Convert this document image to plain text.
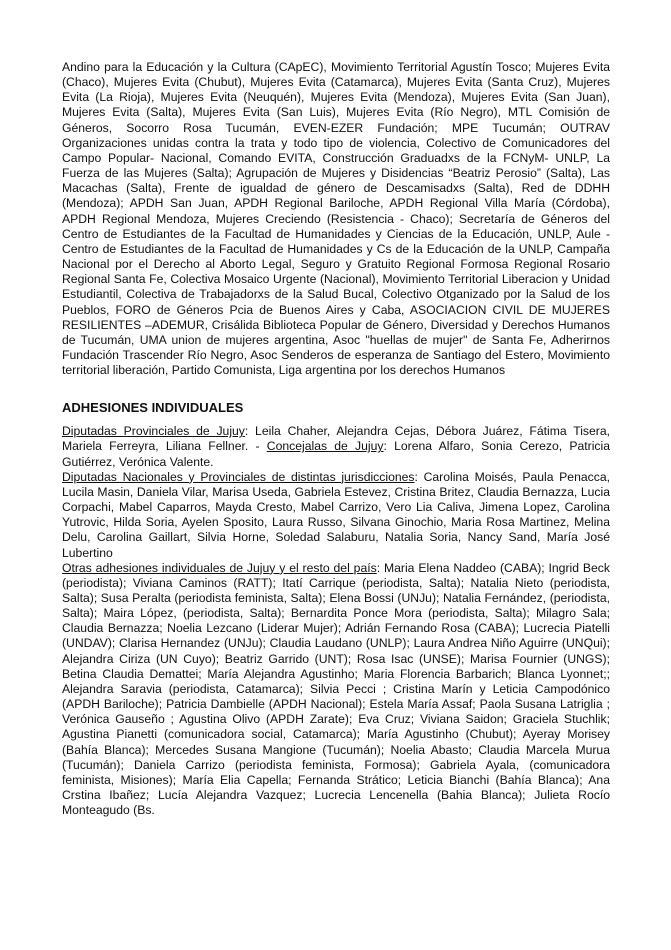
Andino para la Educación y la Cultura (CApEC), Movimiento Territorial Agustín Tosco; Mujeres Evita (Chaco), Mujeres Evita (Chubut), Mujeres Evita (Catamarca), Mujeres Evita (Santa Cruz), Mujeres Evita (La Rioja), Mujeres Evita (Neuquén), Mujeres Evita (Mendoza), Mujeres Evita (San Juan), Mujeres Evita (Salta), Mujeres Evita (San Luis), Mujeres Evita (Río Negro), MTL Comisión de Géneros, Socorro Rosa Tucumán, EVEN-EZER Fundación; MPE Tucumán; OUTRAV Organizaciones unidas contra la trata y todo tipo de violencia, Colectivo de Comunicadores del Campo Popular- Nacional, Comando EVITA, Construcción Graduadxs de la FCNyM- UNLP, La Fuerza de las Mujeres (Salta); Agrupación de Mujeres y Disidencias “Beatriz Perosio” (Salta), Las Macachas (Salta), Frente de igualdad de género de Descamisadxs (Salta), Red de DDHH (Mendoza); APDH San Juan, APDH Regional Bariloche, APDH Regional Villa María (Córdoba), APDH Regional Mendoza, Mujeres Creciendo (Resistencia - Chaco); Secretaría de Géneros del Centro de Estudiantes de la Facultad de Humanidades y Ciencias de la Educación, UNLP, Aule - Centro de Estudiantes de la Facultad de Humanidades y Cs de la Educación de la UNLP, Campaña Nacional por el Derecho al Aborto Legal, Seguro y Gratuito Regional Formosa Regional Rosario Regional Santa Fe, Colectiva Mosaico Urgente (Nacional), Movimiento Territorial Liberacion y Unidad Estudiantil, Colectiva de Trabajadorxs de la Salud Bucal, Colectivo Otganizado por la Salud de los Pueblos, FORO de Géneros Pcia de Buenos Aires y Caba, ASOCIACION CIVIL DE MUJERES RESILIENTES –ADEMUR, Crisálida Biblioteca Popular de Género, Diversidad y Derechos Humanos de Tucumán, UMA union de mujeres argentina, Asoc "huellas de mujer" de Santa Fe, Adherirnos Fundación Trascender Río Negro, Asoc Senderos de esperanza de Santiago del Estero, Movimiento territorial liberación, Partido Comunista, Liga argentina por los derechos Humanos

ADHESIONES INDIVIDUALES

Diputadas Provinciales de Jujuy: Leila Chaher, Alejandra Cejas, Débora Juárez, Fátima Tisera, Mariela Ferreyra, Liliana Fellner. - Concejalas de Jujuy: Lorena Alfaro, Sonia Cerezo, Patricia Gutiérrez, Verónica Valente.

Diputadas Nacionales y Provinciales de distintas jurisdicciones: Carolina Moisés, Paula Penacca, Lucila Masin, Daniela Vilar, Marisa Useda, Gabriela Estevez, Cristina Britez, Claudia Bernazza, Lucia Corpachi, Mabel Caparros, Mayda Cresto, Mabel Carrizo, Vero Lia Caliva, Jimena Lopez, Carolina Yutrovic, Hilda Soria, Ayelen Sposito, Laura Russo, Silvana Ginochio, Maria Rosa Martinez, Melina Delu, Carolina Gaillart, Silvia Horne, Soledad Salaburu, Natalia Soria, Nancy Sand, María José Lubertino

Otras adhesiones individuales de Jujuy y el resto del país: Maria Elena Naddeo (CABA); Ingrid Beck (periodista); Viviana Caminos (RATT); Itatí Carrique (periodista, Salta); Natalia Nieto (periodista, Salta); Susa Peralta (periodista feminista, Salta); Elena Bossi (UNJu); Natalia Fernández, (periodista, Salta); Maira López, (periodista, Salta); Bernardita Ponce Mora (periodista, Salta); Milagro Sala; Claudia Bernazza; Noelia Lezcano (Liderar Mujer); Adrián Fernando Rosa (CABA); Lucrecia Piatelli (UNDAV); Clarisa Hernandez (UNJu); Claudia Laudano (UNLP); Laura Andrea Niño Aguirre (UNQui); Alejandra Ciriza (UN Cuyo); Beatriz Garrido (UNT); Rosa Isac (UNSE); Marisa Fournier (UNGS); Betina Claudia Demattei; María Alejandra Agustinho; Maria Florencia Barbarich; Blanca Lyonnet;; Alejandra Saravia (periodista, Catamarca); Silvia Pecci ; Cristina Marín y Leticia Campodónico (APDH Bariloche); Patricia Dambielle (APDH Nacional); Estela María Assaf; Paola Susana Latriglia ; Verónica Gauseño ; Agustina Olivo (APDH Zarate); Eva Cruz; Viviana Saidon; Graciela Stuchlik; Agustina Pianetti (comunicadora social, Catamarca); María Agustinho (Chubut); Ayeray Morisey (Bahía Blanca); Mercedes Susana Mangione (Tucumán); Noelia Abasto; Claudia Marcela Murua (Tucumán); Daniela Carrizo (periodista feminista, Formosa); Gabriela Ayala, (comunicadora feminista, Misiones); María Elia Capella; Fernanda Strático; Leticia Bianchi (Bahía Blanca); Ana Crstina Ibañez; Lucía Alejandra Vazquez; Lucrecia Lencenella (Bahia Blanca); Julieta Rocío Monteagudo (Bs.
